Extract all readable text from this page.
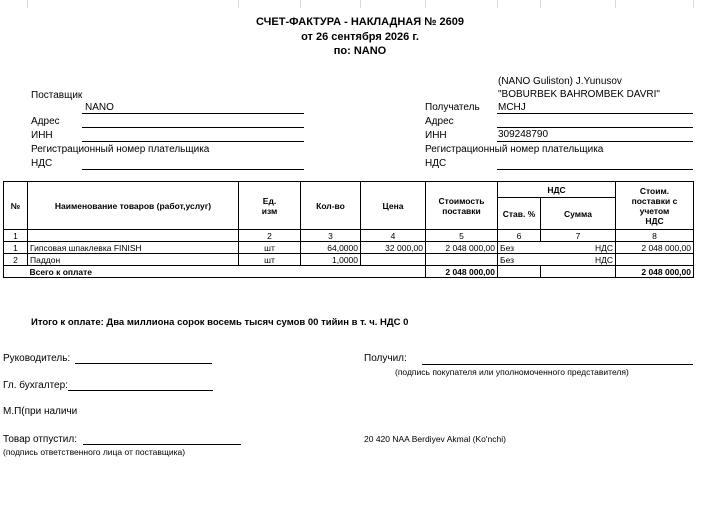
СЧЕТ-ФАКТУРА - НАКЛАДНАЯ № 2609
от 26 сентября 2026 г.
по: NANO
Поставщик
NANO
Адрес
ИНН
Регистрационный номер плательщика
НДС
(NANO Guliston) J.Yunusov
"BOBURBEK BAHROMBEK DAVRI"
Получатель MCHJ
Адрес
ИНН	309248790
Регистрационный номер плательщика
НДС
№	Наименование товаров (работ,услуг)	Ед. изм	Кол-во	Цена	Стоимость поставки	НДС		Стоим. поставки с учетом НДС

						Став. %	Сумма	
1		2	3	4	5	6	7	8
1	Гипсовая шпаклевка FINISH	шт	64,0000	32 000,00	2 048 000,00	Без	НДС	2 048 000,00
2	Паддон	шт	1,0000			Без	НДС	
	Всего к оплате				2 048 000,00			2 048 000,00
Итого к оплате: Два миллиона сорок восемь тысяч сумов 00 тийин в т. ч. НДС 0
Руководитель:
Гл. бухгалтер:
М.П(при наличи
Товар отпустил:
(подпись ответственного лица от поставщика)
Получил:
(подпись покупателя или уполномоченного представителя)
20 420 NAA Berdiyev Akmal (Ko'nchi)
